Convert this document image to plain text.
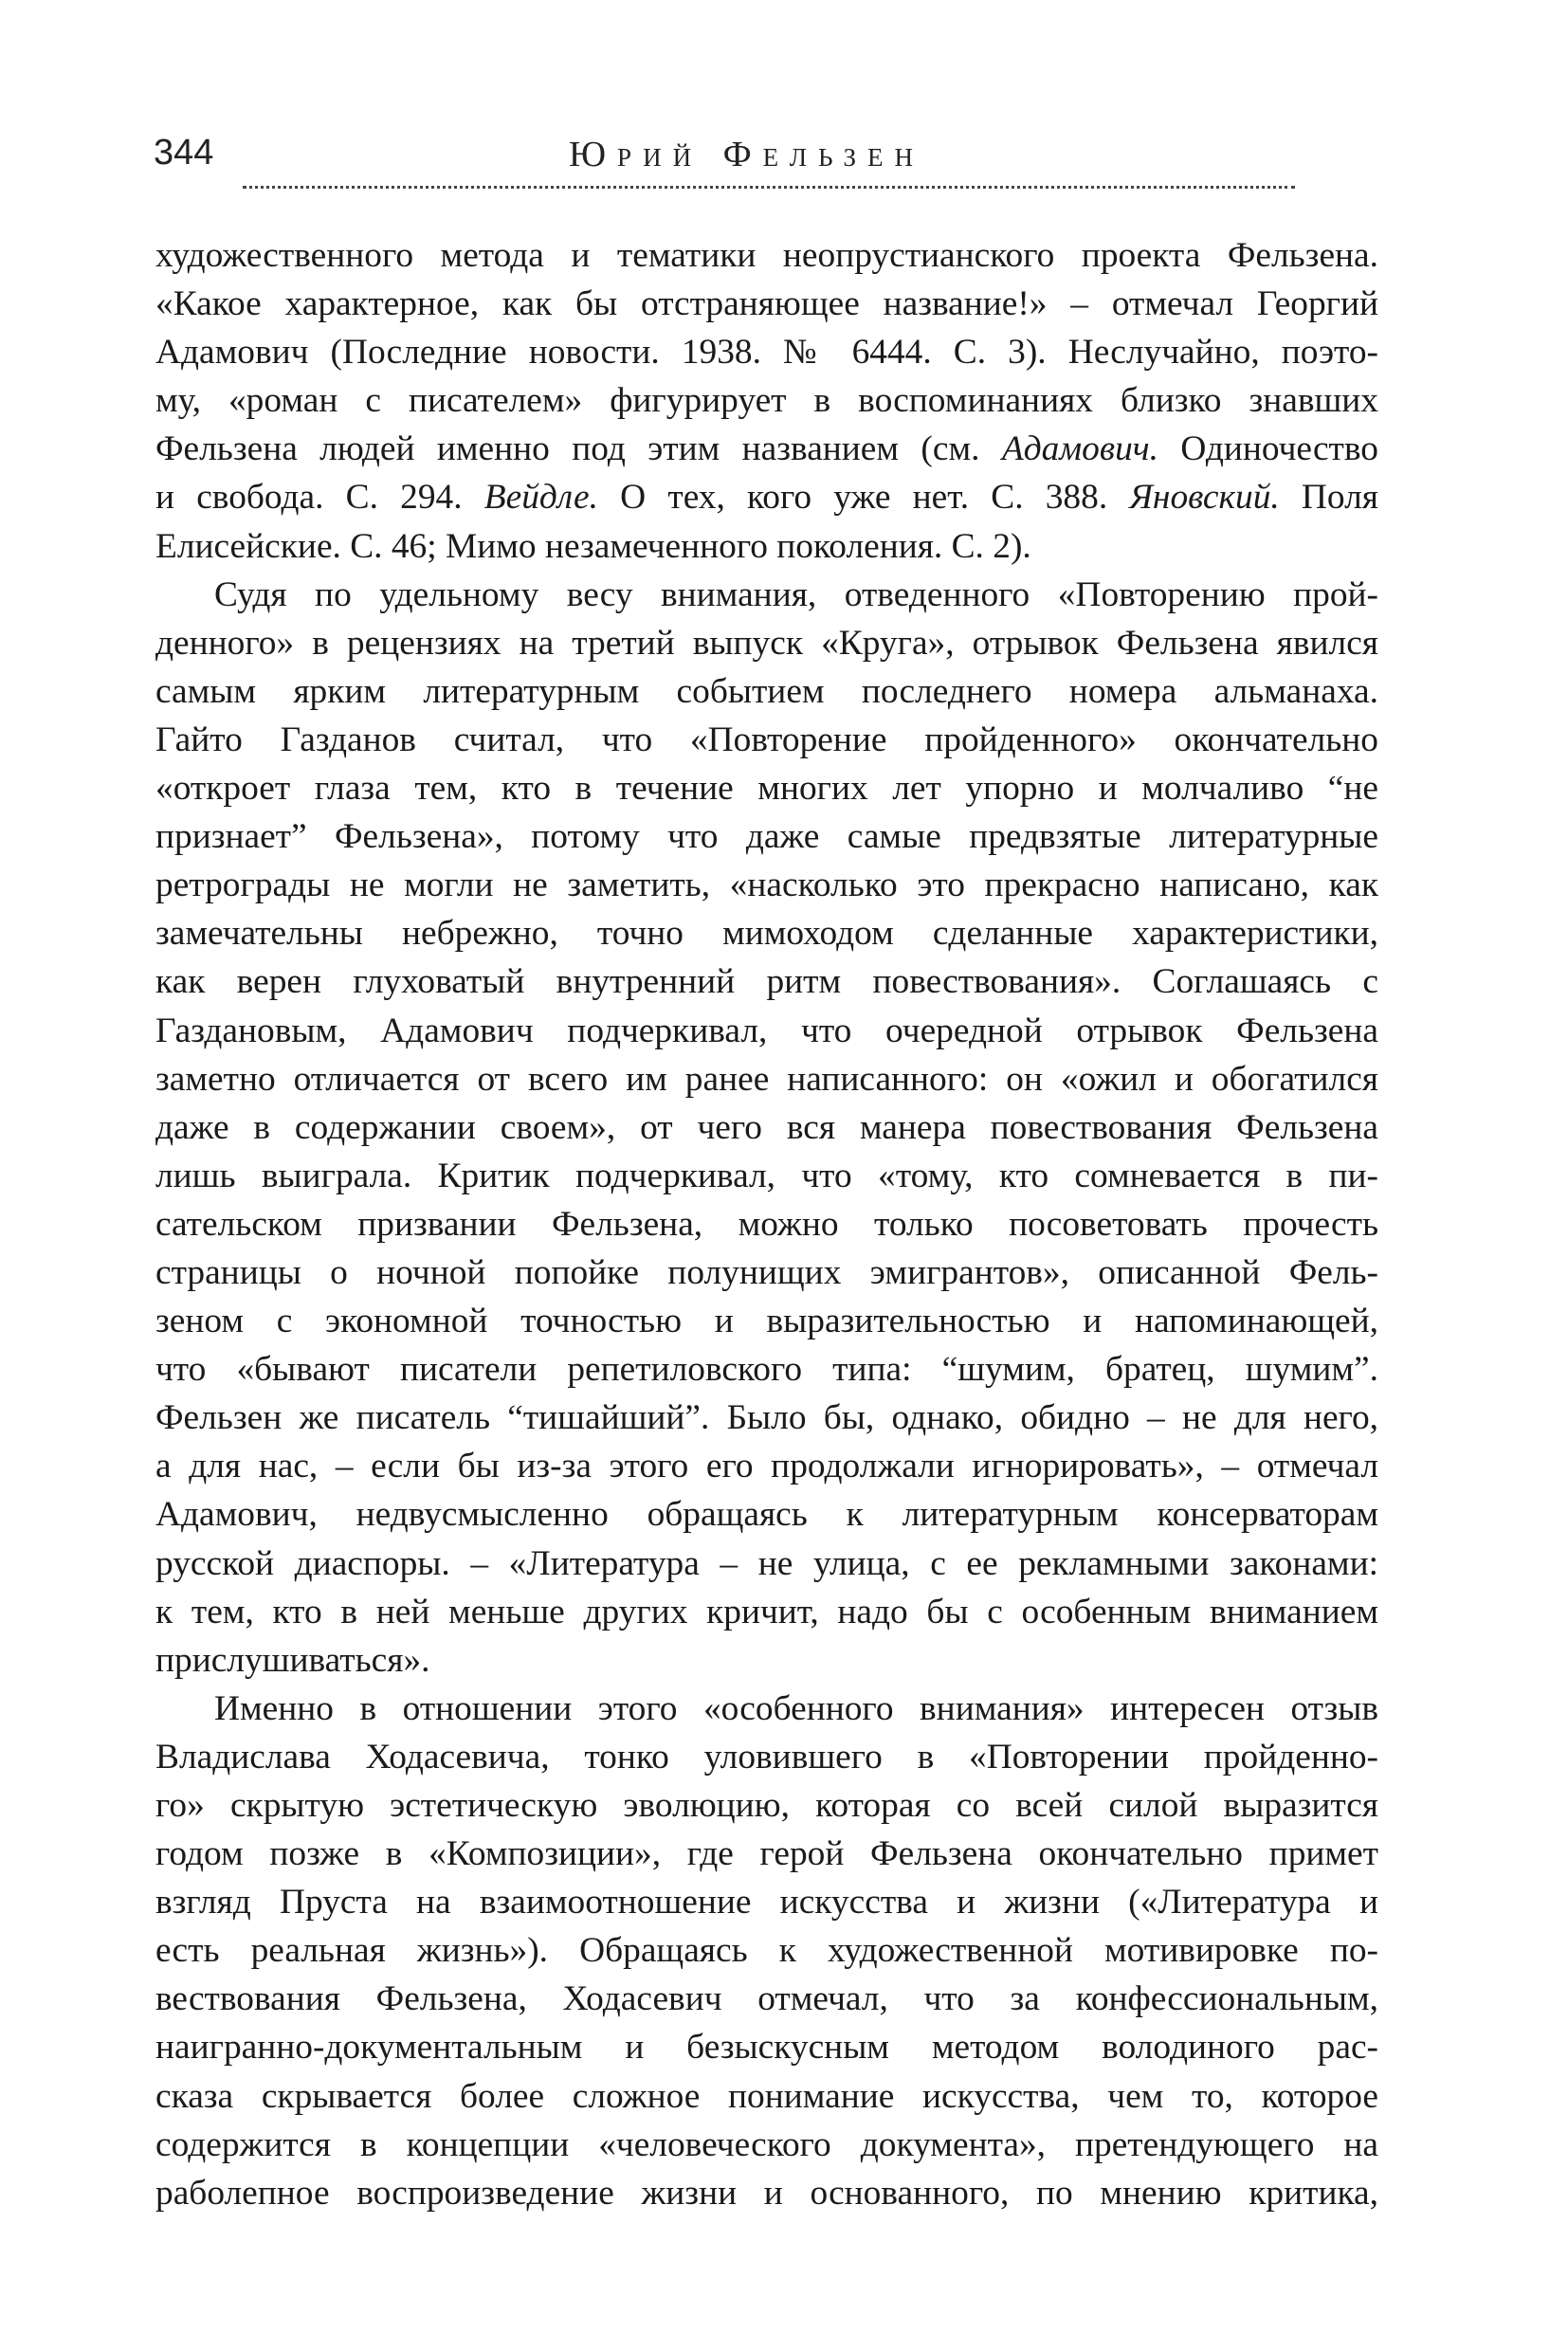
344	Юрий Фельзен
художественного метода и тематики неопрустианского проекта Фельзена.
«Какое характерное, как бы отстраняющее название!» – отмечал Георгий
Адамович (Последние новости. 1938. № 6444. С. 3). Неслучайно, поэто-
му, «роман с писателем» фигурирует в воспоминаниях близко знавших
Фельзена людей именно под этим названием (см. Адамович. Одиночество
и свобода. С. 294. Вейдле. О тех, кого уже нет. С. 388. Яновский. Поля
Елисейские. С. 46; Мимо незамеченного поколения. С. 2).
Судя по удельному весу внимания, отведенного «Повторению прой-
денного» в рецензиях на третий выпуск «Круга», отрывок Фельзена явился
самым ярким литературным событием последнего номера альманаха.
Гайто Газданов считал, что «Повторение пройденного» окончательно
«откроет глаза тем, кто в течение многих лет упорно и молчаливо “не
признает” Фельзена», потому что даже самые предвзятые литературные
ретрограды не могли не заметить, «насколько это прекрасно написано, как
замечательны небрежно, точно мимоходом сделанные характеристики,
как верен глуховатый внутренний ритм повествования». Соглашаясь с
Газдановым, Адамович подчеркивал, что очередной отрывок Фельзена
заметно отличается от всего им ранее написанного: он «ожил и обогатился
даже в содержании своем», от чего вся манера повествования Фельзена
лишь выиграла. Критик подчеркивал, что «тому, кто сомневается в пи-
сательском призвании Фельзена, можно только посоветовать прочесть
страницы о ночной попойке полунищих эмигрантов», описанной Фель-
зеном с экономной точностью и выразительностью и напоминающей,
что «бывают писатели репетиловского типа: “шумим, братец, шумим”.
Фельзен же писатель “тишайший”. Было бы, однако, обидно – не для него,
а для нас, – если бы из-за этого его продолжали игнорировать», – отмечал
Адамович, недвусмысленно обращаясь к литературным консерваторам
русской диаспоры. – «Литература – не улица, с ее рекламными законами:
к тем, кто в ней меньше других кричит, надо бы с особенным вниманием
прислушиваться».
Именно в отношении этого «особенного внимания» интересен отзыв
Владислава Ходасевича, тонко уловившего в «Повторении пройденно-
го» скрытую эстетическую эволюцию, которая со всей силой выразится
годом позже в «Композиции», где герой Фельзена окончательно примет
взгляд Пруста на взаимоотношение искусства и жизни («Литература и
есть реальная жизнь»). Обращаясь к художественной мотивировке по-
вествования Фельзена, Ходасевич отмечал, что за конфессиональным,
наигранно-документальным и безыскусным методом володиного рас-
сказа скрывается более сложное понимание искусства, чем то, которое
содержится в концепции «человеческого документа», претендующего на
раболепное воспроизведение жизни и основанного, по мнению критика,
